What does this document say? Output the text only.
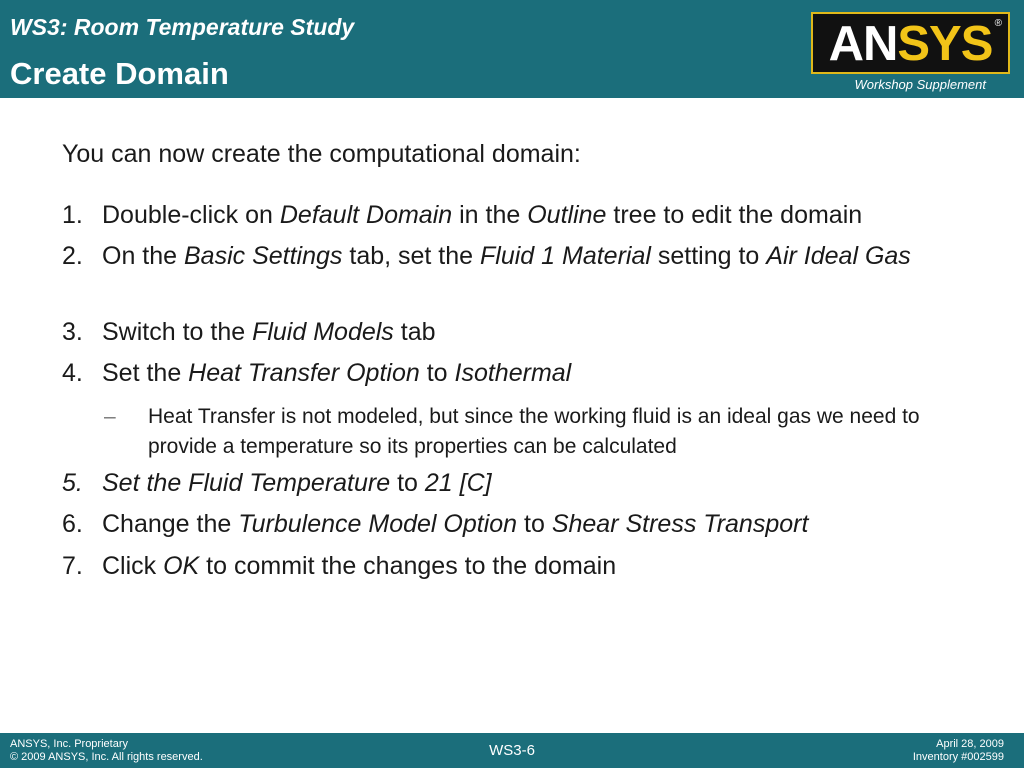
WS3: Room Temperature Study
Create Domain
ANSYS ®
Workshop Supplement
You can now create the computational domain:
1. Double-click on Default Domain in the Outline tree to edit the domain
2. On the Basic Settings tab, set the Fluid 1 Material setting to Air Ideal Gas
3. Switch to the Fluid Models tab
4. Set the Heat Transfer Option to Isothermal
– Heat Transfer is not modeled, but since the working fluid is an ideal gas we need to provide a temperature so its properties can be calculated
5. Set the Fluid Temperature to 21 [C]
6. Change the Turbulence Model Option to Shear Stress Transport
7. Click OK to commit the changes to the domain
ANSYS, Inc. Proprietary
© 2009 ANSYS, Inc. All rights reserved.	WS3-6	April 28, 2009
Inventory #002599
